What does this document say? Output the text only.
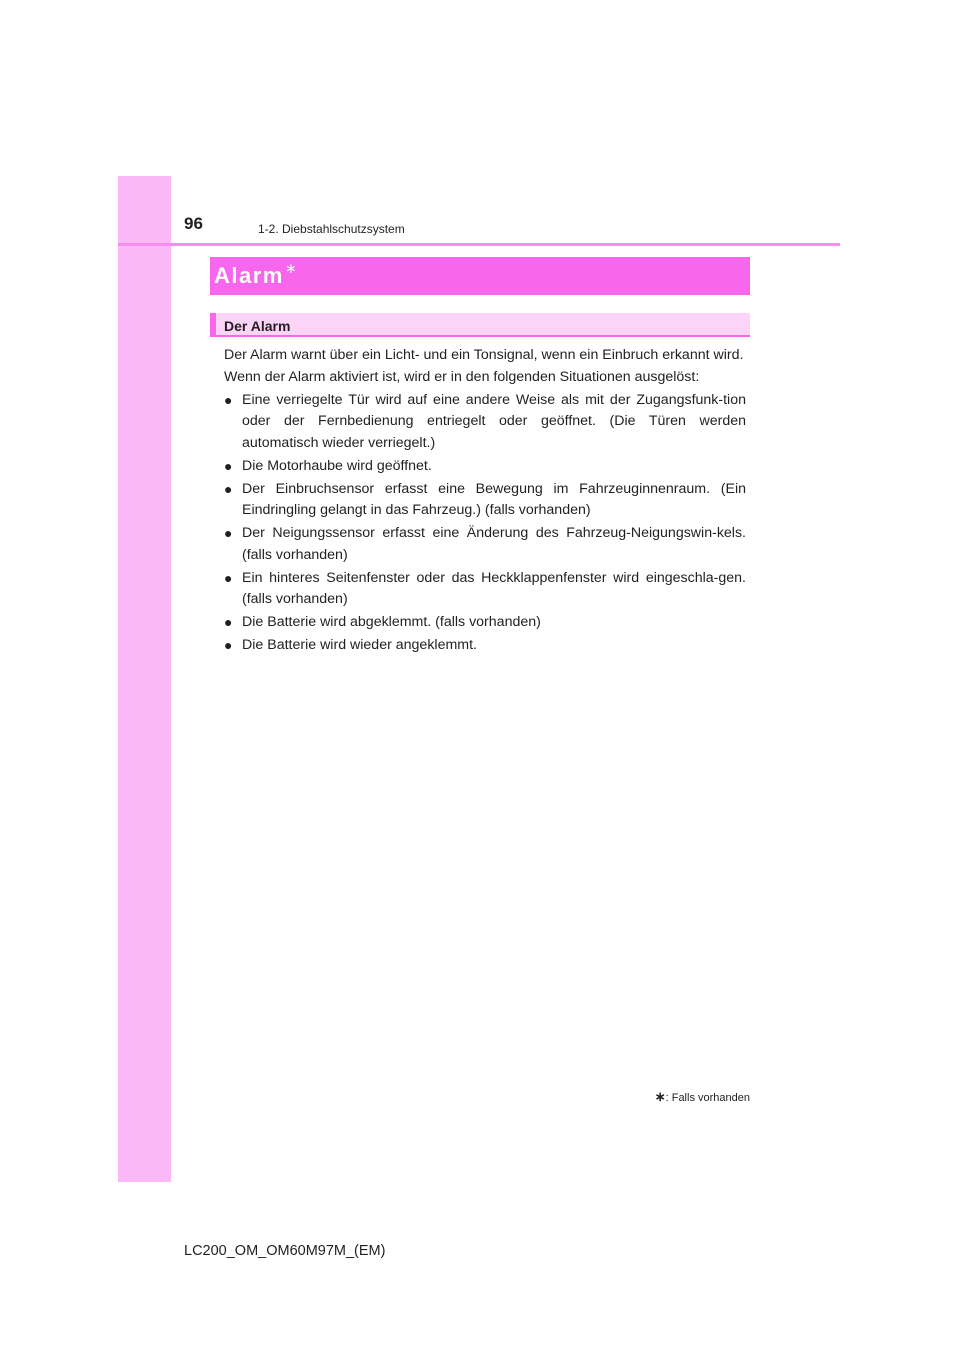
96	1-2. Diebstahlschutzsystem
Alarm ∗
Der Alarm

Der Alarm warnt über ein Licht- und ein Tonsignal, wenn ein Einbruch erkannt wird.

Wenn der Alarm aktiviert ist, wird er in den folgenden Situationen ausgelöst:

● Eine verriegelte Tür wird auf eine andere Weise als mit der Zugangsfunk-tion oder der Fernbedienung entriegelt oder geöffnet. (Die Türen werden automatisch wieder verriegelt.)
● Die Motorhaube wird geöffnet.
● Der Einbruchsensor erfasst eine Bewegung im Fahrzeuginnenraum. (Ein Eindringling gelangt in das Fahrzeug.) (falls vorhanden)
● Der Neigungssensor erfasst eine Änderung des Fahrzeug-Neigungswin-kels. (falls vorhanden)
● Ein hinteres Seitenfenster oder das Heckklappenfenster wird eingeschla-gen. (falls vorhanden)
● Die Batterie wird abgeklemmt. (falls vorhanden)
● Die Batterie wird wieder angeklemmt.
∗: Falls vorhanden
LC200_OM_OM60M97M_(EM)
